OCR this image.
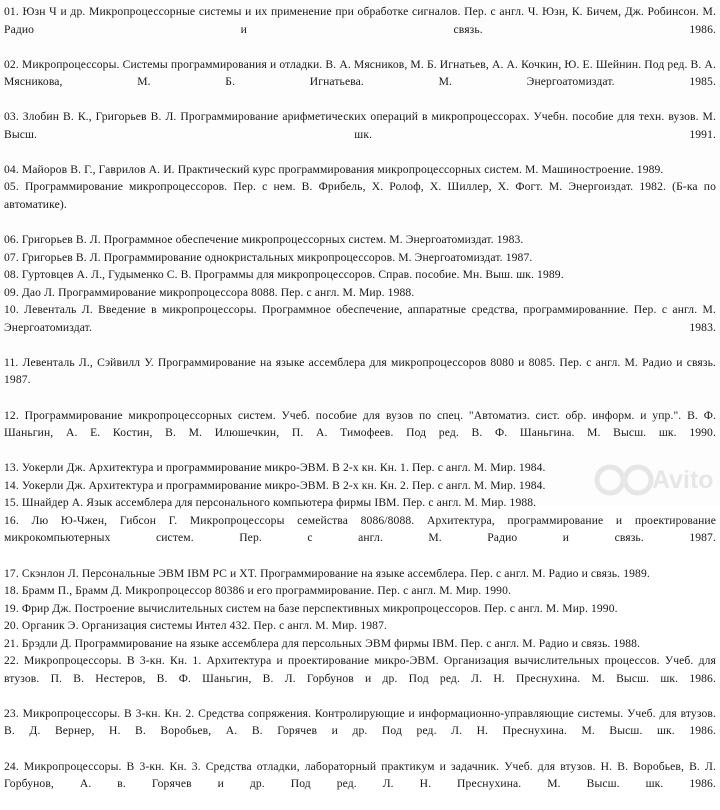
01. Юзн Ч и др. Микропроцессорные системы и их применение при обработке сигналов. Пер. с англ. Ч. Юзн, К. Бичем, Дж. Робинсон. М. Радио и связь. 1986.

02. Микропроцессоры. Системы программирования и отладки. В. А. Мясников, М. Б. Игнатьев, А. А. Кочкин, Ю. Е. Шейнин. Под ред. В. А. Мясникова, М. Б. Игнатьева. М. Энергоатомиздат. 1985.

03. Злобин В. К., Григорьев В. Л. Программирование арифметических операций в микропроцессорах. Учебн. пособие для техн. вузов. М. Высш. шк. 1991.

04. Майоров В. Г., Гаврилов А. И. Практический курс программирования микропроцессорных систем. М. Машиностроение. 1989.

05. Программирование микропроцессоров. Пер. с нем. В. Фрибель, Х. Ролоф, Х. Шиллер, Х. Фогт. М. Энергоиздат. 1982. (Б-ка по автоматике).

06. Григорьев В. Л. Программное обеспечение микропроцессорных систем. М. Энергоатомиздат. 1983.

07. Григорьев В. Л. Программирование однокристальных микропроцессоров. М. Энергоатомиздат. 1987.

08. Гуртовцев А. Л., Гудыменко С. В. Программы для микропроцессоров. Справ. пособие. Мн. Выш. шк. 1989.

09. Дао Л. Программирование микропроцессора 8088. Пер. с англ. М. Мир. 1988.

10. Левенталь Л. Введение в микропроцессоры. Программное обеспечение, аппаратные средства, программированние. Пер. с англ. М. Энергоатомиздат. 1983.

11. Левенталь Л., Сэйвилл У. Программирование на языке ассемблера для микропроцессоров 8080 и 8085. Пер. с англ. М. Радио и связь. 1987.

12. Программирование микропроцессорных систем. Учеб. пособие для вузов по спец. "Автоматиз. сист. обр. информ. и упр.". В. Ф. Шаньгин, А. Е. Костин, В. М. Илюшечкин, П. А. Тимофеев. Под ред. В. Ф. Шаньгина. М. Высш. шк. 1990.

13. Уокерли Дж. Архитектура и программирование микро-ЭВМ. В 2-х кн. Кн. 1. Пер. с англ. М. Мир. 1984.

14. Уокерли Дж. Архитектура и программирование микро-ЭВМ. В 2-х кн. Кн. 2. Пер. с англ. М. Мир. 1984.

15. Шнайдер А. Язык ассемблера для персонального компьютера фирмы IBM. Пер. с англ. М. Мир. 1988.

16. Лю Ю-Чжен, Гибсон Г. Микропроцессоры семейства 8086/8088. Архитектура, программирование и проектирование микрокомпьютерных систем. Пер. с англ. М. Радио и связь. 1987.

17. Скэнлон Л. Персональные ЭВМ IBM PC и XT. Программирование на языке ассемблера. Пер. с англ. М. Радио и связь. 1989.

18. Брамм П., Брамм Д. Микропроцессор 80386 и его программирование. Пер. с англ. М. Мир. 1990.

19. Фрир Дж. Построение вычислительных систем на базе перспективных микропроцессоров. Пер. с англ. М. Мир. 1990.

20. Органик Э. Организация системы Интел 432. Пер. с англ. М. Мир. 1987.

21. Брэдли Д. Программирование на языке ассемблера для персольных ЭВМ фирмы IBM. Пер. с англ. М. Радио и связь. 1988.

22. Микропроцессоры. В 3-кн. Кн. 1. Архитектура и проектирование микро-ЭВМ. Организация вычислительных процессов. Учеб. для втузов. П. В. Нестеров, В. Ф. Шаньгин, В. Л. Горбунов и др. Под ред. Л. Н. Преснухина. М. Высш. шк. 1986.

23. Микропроцессоры. В 3-кн. Кн. 2. Средства сопряжения. Контролирующие и информационно-управляющие системы. Учеб. для втузов. В. Д. Вернер, Н. В. Воробьев, А. В. Горячев и др. Под ред. Л. Н. Преснухина. М. Высш. шк. 1986.

24. Микропроцессоры. В 3-кн. Кн. 3. Средства отладки, лабораторный практикум и задачник. Учеб. для втузов. Н. В. Воробьев, В. Л. Горбунов, А. в. Горячев и др. Под ред. Л. Н. Преснухина. М. Высш. шк. 1986.

Avito
